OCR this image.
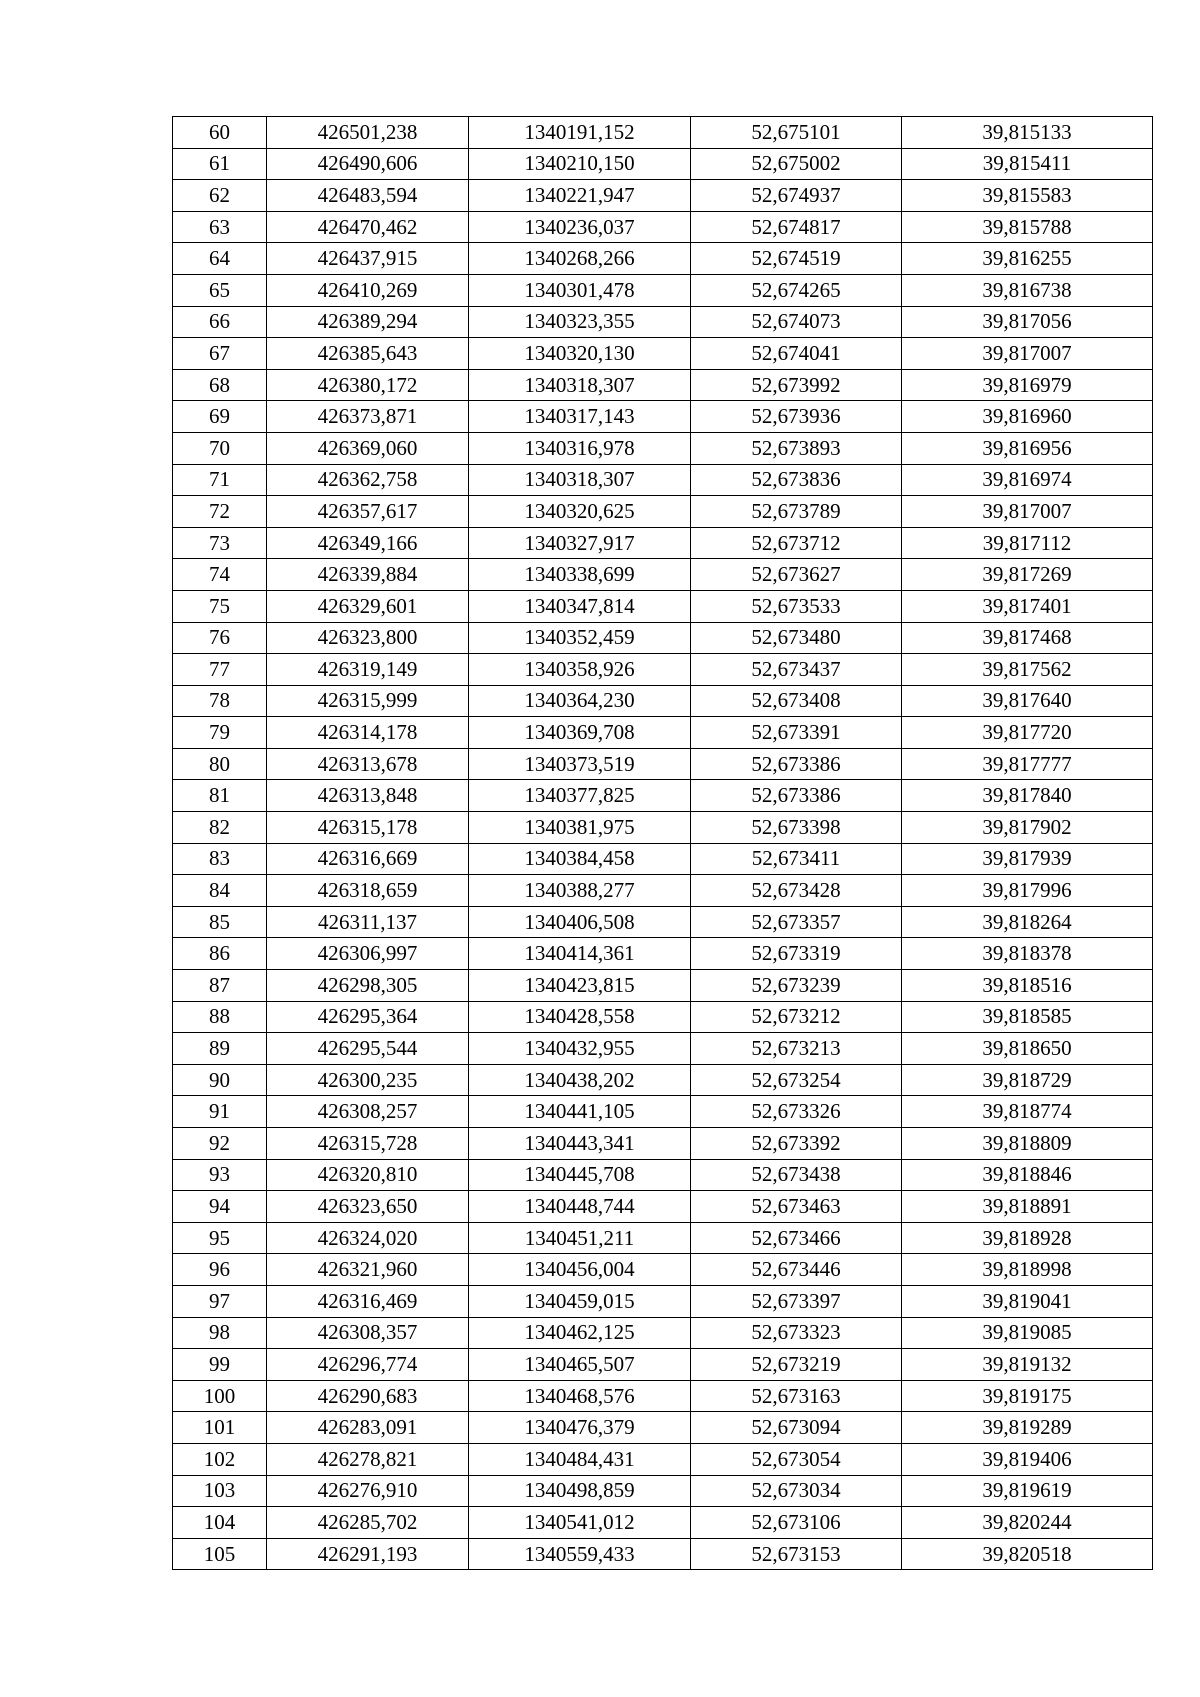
60	426501,238	1340191,152	52,675101	39,815133
61	426490,606	1340210,150	52,675002	39,815411
62	426483,594	1340221,947	52,674937	39,815583
63	426470,462	1340236,037	52,674817	39,815788
64	426437,915	1340268,266	52,674519	39,816255
65	426410,269	1340301,478	52,674265	39,816738
66	426389,294	1340323,355	52,674073	39,817056
67	426385,643	1340320,130	52,674041	39,817007
68	426380,172	1340318,307	52,673992	39,816979
69	426373,871	1340317,143	52,673936	39,816960
70	426369,060	1340316,978	52,673893	39,816956
71	426362,758	1340318,307	52,673836	39,816974
72	426357,617	1340320,625	52,673789	39,817007
73	426349,166	1340327,917	52,673712	39,817112
74	426339,884	1340338,699	52,673627	39,817269
75	426329,601	1340347,814	52,673533	39,817401
76	426323,800	1340352,459	52,673480	39,817468
77	426319,149	1340358,926	52,673437	39,817562
78	426315,999	1340364,230	52,673408	39,817640
79	426314,178	1340369,708	52,673391	39,817720
80	426313,678	1340373,519	52,673386	39,817777
81	426313,848	1340377,825	52,673386	39,817840
82	426315,178	1340381,975	52,673398	39,817902
83	426316,669	1340384,458	52,673411	39,817939
84	426318,659	1340388,277	52,673428	39,817996
85	426311,137	1340406,508	52,673357	39,818264
86	426306,997	1340414,361	52,673319	39,818378
87	426298,305	1340423,815	52,673239	39,818516
88	426295,364	1340428,558	52,673212	39,818585
89	426295,544	1340432,955	52,673213	39,818650
90	426300,235	1340438,202	52,673254	39,818729
91	426308,257	1340441,105	52,673326	39,818774
92	426315,728	1340443,341	52,673392	39,818809
93	426320,810	1340445,708	52,673438	39,818846
94	426323,650	1340448,744	52,673463	39,818891
95	426324,020	1340451,211	52,673466	39,818928
96	426321,960	1340456,004	52,673446	39,818998
97	426316,469	1340459,015	52,673397	39,819041
98	426308,357	1340462,125	52,673323	39,819085
99	426296,774	1340465,507	52,673219	39,819132
100	426290,683	1340468,576	52,673163	39,819175
101	426283,091	1340476,379	52,673094	39,819289
102	426278,821	1340484,431	52,673054	39,819406
103	426276,910	1340498,859	52,673034	39,819619
104	426285,702	1340541,012	52,673106	39,820244
105	426291,193	1340559,433	52,673153	39,820518
